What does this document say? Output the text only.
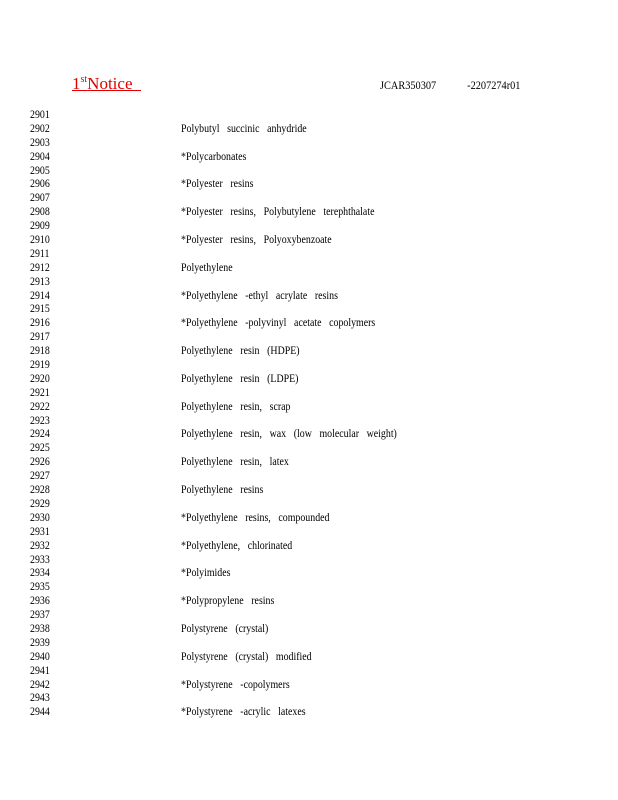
1stNotice	JCAR350307    -2207274r01
2901
2902	Polybutyl succinic anhydride
2903
2904	*Polycarbonates
2905
2906	*Polyester resins
2907
2908	*Polyester resins, Polybutylene terephthalate
2909
2910	*Polyester resins, Polyoxybenzoate
2911
2912	Polyethylene
2913
2914	*Polyethylene -ethyl acrylate resins
2915
2916	*Polyethylene -polyvinyl acetate copolymers
2917
2918	Polyethylene resin (HDPE)
2919
2920	Polyethylene resin (LDPE)
2921
2922	Polyethylene resin, scrap
2923
2924	Polyethylene resin, wax (low molecular weight)
2925
2926	Polyethylene resin, latex
2927
2928	Polyethylene resins
2929
2930	*Polyethylene resins, compounded
2931
2932	*Polyethylene, chlorinated
2933
2934	*Polyimides
2935
2936	*Polypropylene resins
2937
2938	Polystyrene (crystal)
2939
2940	Polystyrene (crystal) modified
2941
2942	*Polystyrene -copolymers
2943
2944	*Polystyrene -acrylic latexes
